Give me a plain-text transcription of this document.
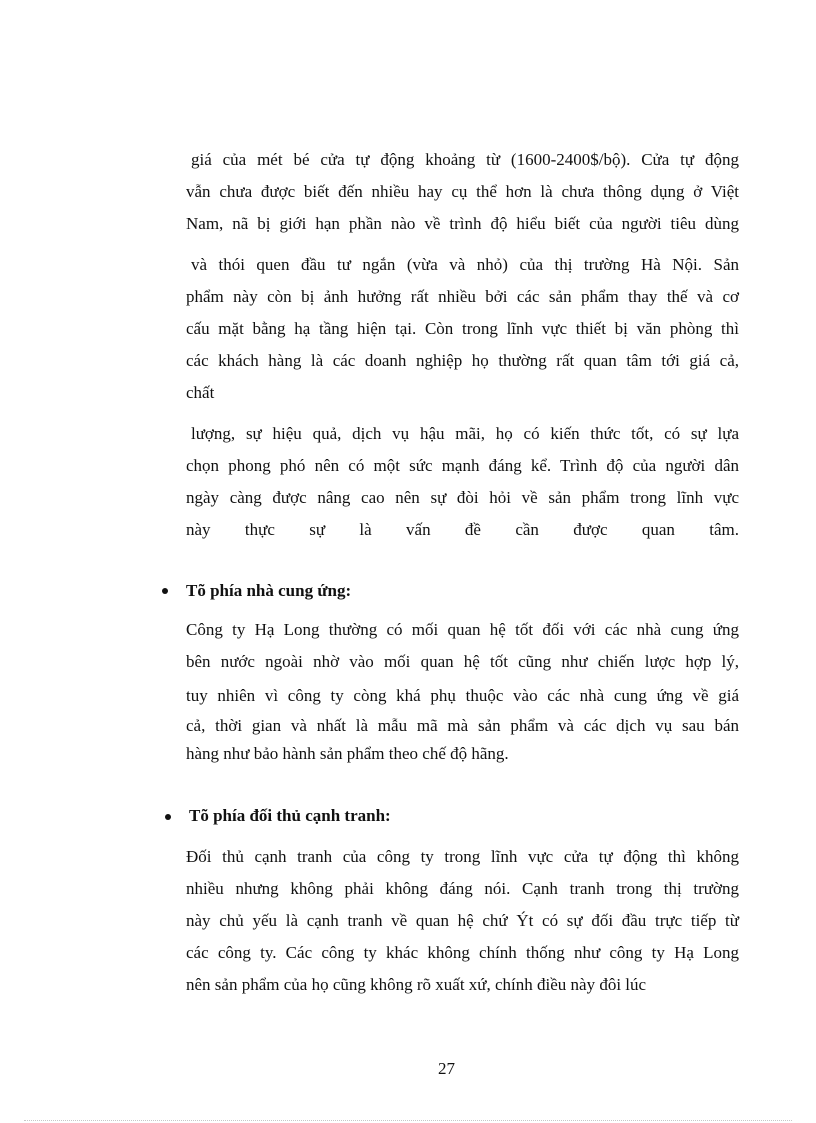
giá của mét bé cửa tự động khoảng từ (1600-2400$/bộ). Cửa tự động
vẫn chưa được biết đến nhiều hay cụ thể hơn là chưa thông dụng ở Việt
Nam, nã bị giới hạn phần nào về trình độ hiểu biết của người tiêu dùng
và thói quen đầu tư ngắn (vừa và nhỏ) của thị trường Hà Nội. Sản
phẩm này còn bị ảnh hưởng rất nhiều bởi các sản phẩm thay thế và cơ
cấu mặt bằng hạ tầng hiện tại. Còn trong lĩnh vực thiết bị văn phòng thì
các khách hàng là các doanh nghiệp họ thường rất quan tâm tới giá cả,
chất
lượng, sự hiệu quả, dịch vụ hậu mãi, họ có kiến thức tốt, có sự lựa
chọn phong phó nên có một sức mạnh đáng kể. Trình độ của người dân
ngày càng được nâng cao nên sự đòi hỏi về sản phẩm trong lĩnh vực
này thực sự là vấn đề cần được quan tâm.
Tõ phía nhà cung ứng:
Công ty Hạ Long thường có mối quan hệ tốt đối với các nhà cung ứng
bên nước ngoài nhờ vào mối quan hệ tốt cũng như chiến lược hợp lý,
tuy nhiên vì công ty còng khá phụ thuộc vào các nhà cung ứng về giá
cả, thời gian và nhất là mẫu mã mà sản phẩm và các dịch vụ sau bán
hàng như bảo hành sản phẩm theo chế độ hãng.
Tõ phía đối thủ cạnh tranh:
Đối thủ cạnh tranh của công ty trong lĩnh vực cửa tự động thì không
nhiều nhưng không phải không đáng nói. Cạnh tranh trong thị trường
này chủ yếu là cạnh tranh về quan hệ chứ Ýt có sự đối đầu trực tiếp từ
các công ty. Các công ty khác không chính thống như công ty Hạ Long
nên sản phẩm của họ cũng không rõ xuất xứ, chính điều này đôi lúc
27
